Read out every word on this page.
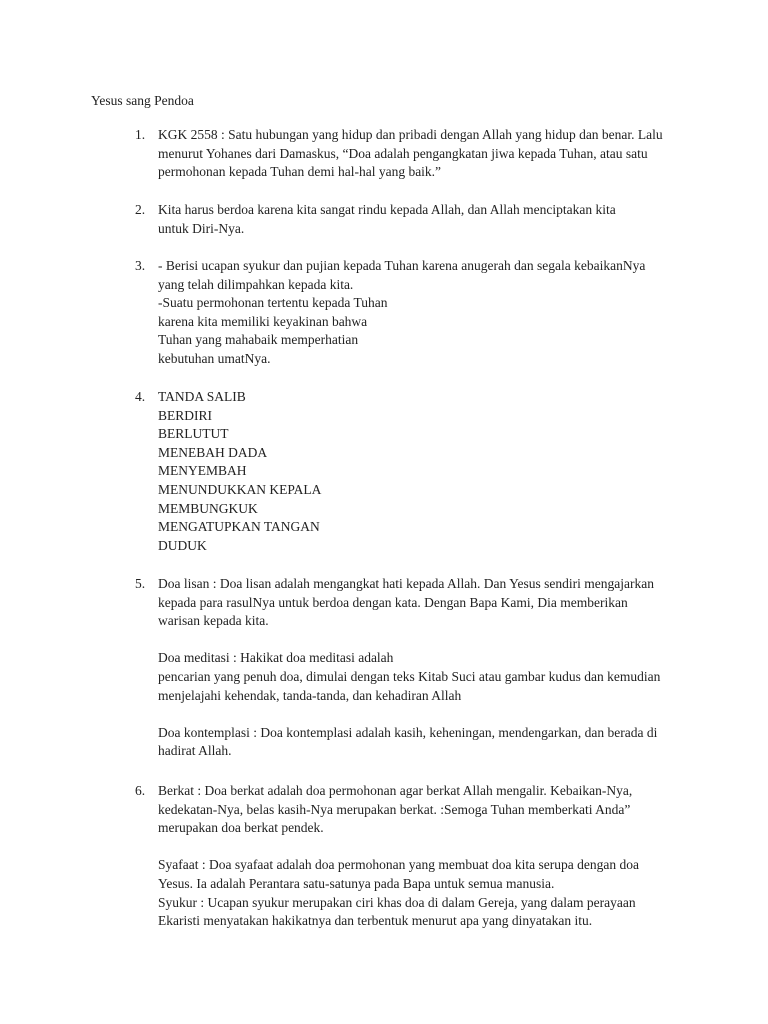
Yesus sang Pendoa
1. KGK 2558 : Satu hubungan yang hidup dan pribadi dengan Allah yang hidup dan benar. Lalu
menurut Yohanes dari Damaskus, “Doa adalah pengangkatan jiwa kepada Tuhan, atau satu
permohonan kepada Tuhan demi hal-hal yang baik.”
2. Kita harus berdoa karena kita sangat rindu kepada Allah, dan Allah menciptakan kita
untuk Diri-Nya.
3. - Berisi ucapan syukur dan pujian kepada Tuhan karena anugerah dan segala kebaikanNya
yang telah dilimpahkan kepada kita.
-Suatu permohonan tertentu kepada Tuhan
karena kita memiliki keyakinan bahwa
Tuhan yang mahabaik memperhatian
kebutuhan umatNya.
4. TANDA SALIB
BERDIRI
BERLUTUT
MENEBAH DADA
MENYEMBAH
MENUNDUKKAN KEPALA
MEMBUNGKUK
MENGATUPKAN TANGAN
DUDUK
5. Doa lisan : Doa lisan adalah mengangkat hati kepada Allah. Dan Yesus sendiri mengajarkan
kepada para rasulNya untuk berdoa dengan kata. Dengan Bapa Kami, Dia memberikan
warisan kepada kita.
Doa meditasi : Hakikat doa meditasi adalah
pencarian yang penuh doa, dimulai dengan teks Kitab Suci atau gambar kudus dan kemudian
menjelajahi kehendak, tanda-tanda, dan kehadiran Allah
Doa kontemplasi : Doa kontemplasi adalah kasih, keheningan, mendengarkan, dan berada di
hadirat Allah.
6. Berkat : Doa berkat adalah doa permohonan agar berkat Allah mengalir. Kebaikan-Nya,
kedekatan-Nya, belas kasih-Nya merupakan berkat. :Semoga Tuhan memberkati Anda”
merupakan doa berkat pendek.
Syafaat : Doa syafaat adalah doa permohonan yang membuat doa kita serupa dengan doa
Yesus. Ia adalah Perantara satu-satunya pada Bapa untuk semua manusia.
Syukur : Ucapan syukur merupakan ciri khas doa di dalam Gereja, yang dalam perayaan
Ekaristi menyatakan hakikatnya dan terbentuk menurut apa yang dinyatakan itu.
